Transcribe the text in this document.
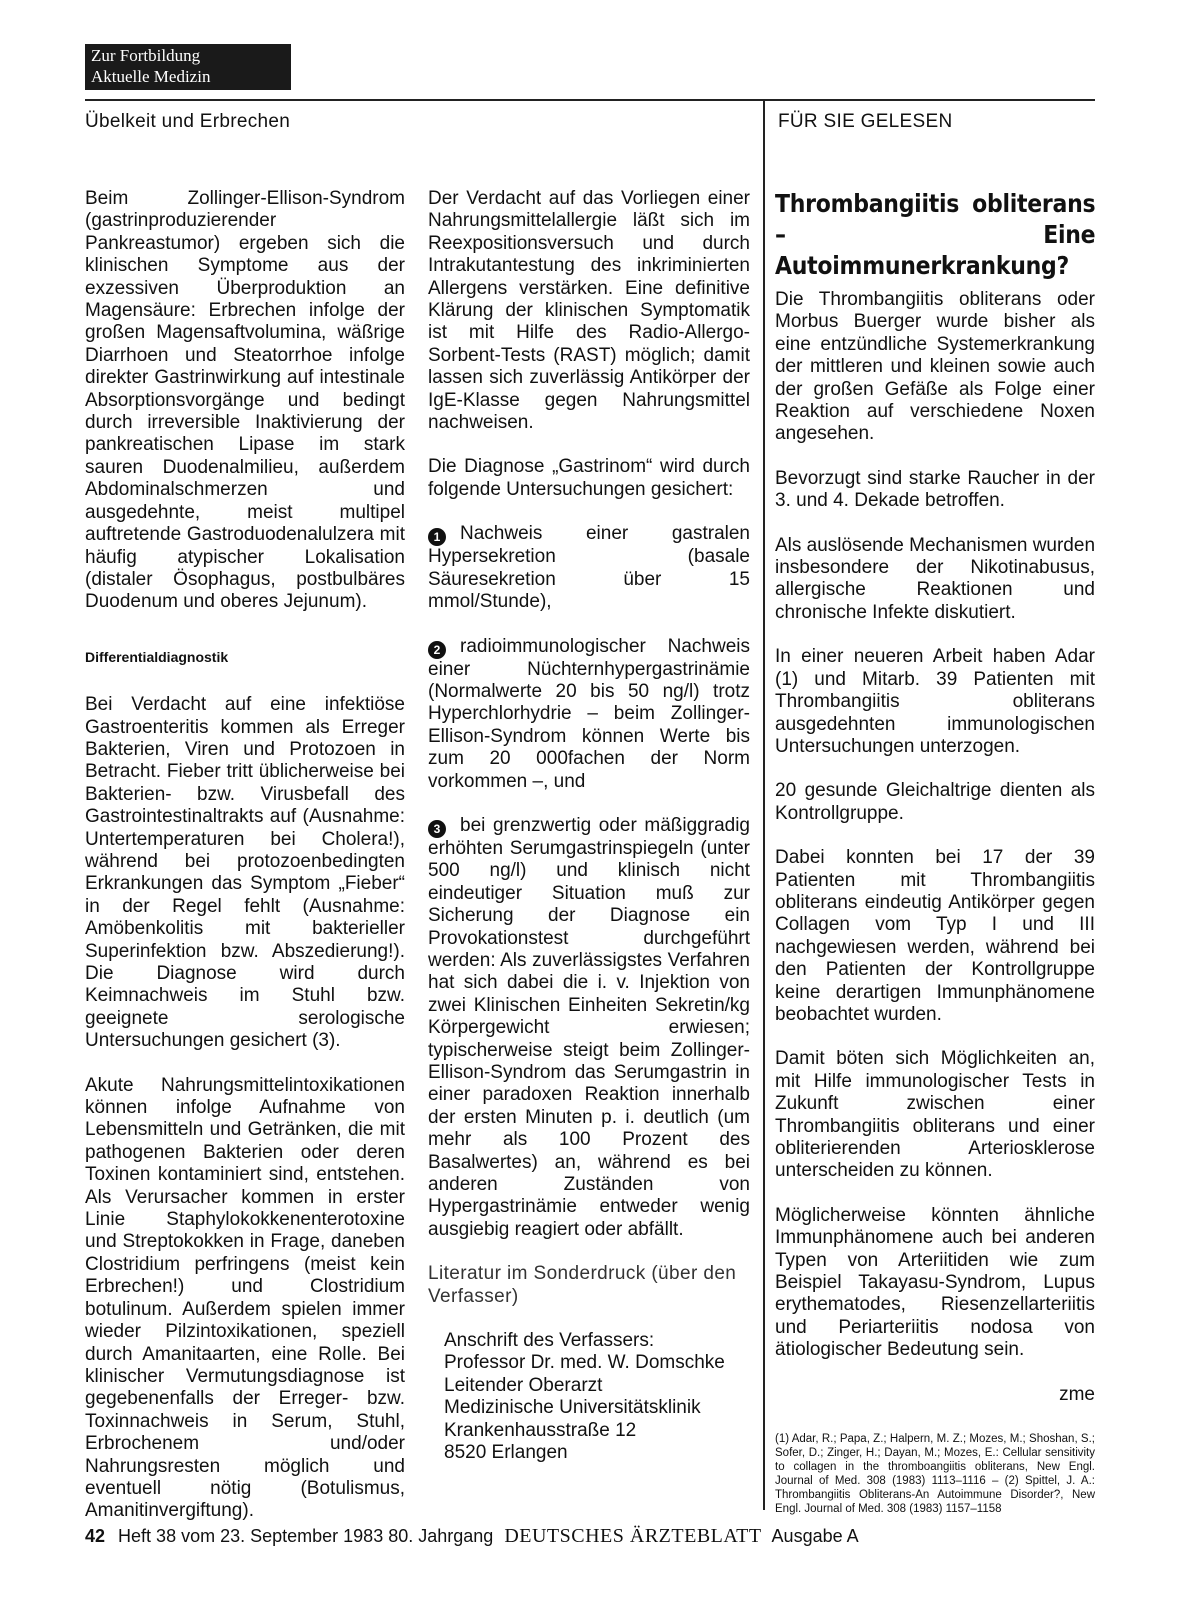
Zur Fortbildung
Aktuelle Medizin
Übelkeit und Erbrechen	FÜR SIE GELESEN

Beim Zollinger-Ellison-Syndrom (gastrinproduzierender Pankreastumor) ergeben sich die klinischen Symptome aus der exzessiven Überproduktion an Magensäure: Erbrechen infolge der großen Magensaftvolumina, wäßrige Diarrhoen und Steatorrhoe infolge direkter Gastrinwirkung auf intestinale Absorptionsvorgänge und bedingt durch irreversible Inaktivierung der pankreatischen Lipase im stark sauren Duodenalmilieu, außerdem Abdominalschmerzen und ausgedehnte, meist multipel auftretende Gastroduodenalulzera mit häufig atypischer Lokalisation (distaler Ösophagus, postbulbäres Duodenum und oberes Jejunum).

Differentialdiagnostik

Bei Verdacht auf eine infektiöse Gastroenteritis kommen als Erreger Bakterien, Viren und Protozoen in Betracht. Fieber tritt üblicherweise bei Bakterien- bzw. Virusbefall des Gastrointestinaltrakts auf (Ausnahme: Untertemperaturen bei Cholera!), während bei protozoenbedingten Erkrankungen das Symptom „Fieber“ in der Regel fehlt (Ausnahme: Amöbenkolitis mit bakterieller Superinfektion bzw. Abszedierung!). Die Diagnose wird durch Keimnachweis im Stuhl bzw. geeignete serologische Untersuchungen gesichert (3).

Akute Nahrungsmittelintoxikationen können infolge Aufnahme von Lebensmitteln und Getränken, die mit pathogenen Bakterien oder deren Toxinen kontaminiert sind, entstehen. Als Verursacher kommen in erster Linie Staphylokokkenenterotoxine und Streptokokken in Frage, daneben Clostridium perfringens (meist kein Erbrechen!) und Clostridium botulinum. Außerdem spielen immer wieder Pilzintoxikationen, speziell durch Amanitaarten, eine Rolle. Bei klinischer Vermutungsdiagnose ist gegebenenfalls der Erreger- bzw. Toxinnachweis in Serum, Stuhl, Erbrochenem und/oder Nahrungsresten möglich und eventuell nötig (Botulismus, Amanitinvergiftung).

Der Verdacht auf das Vorliegen einer Nahrungsmittelallergie läßt sich im Reexpositionsversuch und durch Intrakutantestung des inkriminierten Allergens verstärken. Eine definitive Klärung der klinischen Symptomatik ist mit Hilfe des Radio-Allergo-Sorbent-Tests (RAST) möglich; damit lassen sich zuverlässig Antikörper der IgE-Klasse gegen Nahrungsmittel nachweisen.

Die Diagnose „Gastrinom“ wird durch folgende Untersuchungen gesichert:

1 Nachweis einer gastralen Hypersekretion (basale Säuresekretion über 15 mmol/Stunde),

2 radioimmunologischer Nachweis einer Nüchternhypergastrinämie (Normalwerte 20 bis 50 ng/l) trotz Hyperchlorhydrie – beim Zollinger-Ellison-Syndrom können Werte bis zum 20 000fachen der Norm vorkommen –, und

3 bei grenzwertig oder mäßiggradig erhöhten Serumgastrinspiegeln (unter 500 ng/l) und klinisch nicht eindeutiger Situation muß zur Sicherung der Diagnose ein Provokationstest durchgeführt werden: Als zuverlässigstes Verfahren hat sich dabei die i. v. Injektion von zwei Klinischen Einheiten Sekretin/kg Körpergewicht erwiesen; typischerweise steigt beim Zollinger-Ellison-Syndrom das Serumgastrin in einer paradoxen Reaktion innerhalb der ersten Minuten p. i. deutlich (um mehr als 100 Prozent des Basalwertes) an, während es bei anderen Zuständen von Hypergastrinämie entweder wenig ausgiebig reagiert oder abfällt.

Literatur im Sonderdruck (über den Verfasser)

Anschrift des Verfassers:
Professor Dr. med. W. Domschke
Leitender Oberarzt
Medizinische Universitätsklinik
Krankenhausstraße 12
8520 Erlangen
Thrombangiitis obliterans – Eine Autoimmunerkrankung?

Die Thrombangiitis obliterans oder Morbus Buerger wurde bisher als eine entzündliche Systemerkrankung der mittleren und kleinen sowie auch der großen Gefäße als Folge einer Reaktion auf verschiedene Noxen angesehen.

Bevorzugt sind starke Raucher in der 3. und 4. Dekade betroffen.

Als auslösende Mechanismen wurden insbesondere der Nikotinabusus, allergische Reaktionen und chronische Infekte diskutiert.

In einer neueren Arbeit haben Adar (1) und Mitarb. 39 Patienten mit Thrombangiitis obliterans ausgedehnten immunologischen Untersuchungen unterzogen.

20 gesunde Gleichaltrige dienten als Kontrollgruppe.

Dabei konnten bei 17 der 39 Patienten mit Thrombangiitis obliterans eindeutig Antikörper gegen Collagen vom Typ I und III nachgewiesen werden, während bei den Patienten der Kontrollgruppe keine derartigen Immunphänomene beobachtet wurden.

Damit böten sich Möglichkeiten an, mit Hilfe immunologischer Tests in Zukunft zwischen einer Thrombangiitis obliterans und einer obliterierenden Arteriosklerose unterscheiden zu können.

Möglicherweise könnten ähnliche Immunphänomene auch bei anderen Typen von Arteriitiden wie zum Beispiel Takayasu-Syndrom, Lupus erythematodes, Riesenzellarteriitis und Periarteriitis nodosa von ätiologischer Bedeutung sein.

zme

(1) Adar, R.; Papa, Z.; Halpern, M. Z.; Mozes, M.; Shoshan, S.; Sofer, D.; Zinger, H.; Dayan, M.; Mozes, E.: Cellular sensitivity to collagen in the thromboangiitis obliterans, New Engl. Journal of Med. 308 (1983) 1113–1116 – (2) Spittel, J. A.: Thrombangiitis Obliterans-An Autoimmune Disorder?, New Engl. Journal of Med. 308 (1983) 1157–1158
42 Heft 38 vom 23. September 1983 80. Jahrgang DEUTSCHES ÄRZTEBLATT Ausgabe A
